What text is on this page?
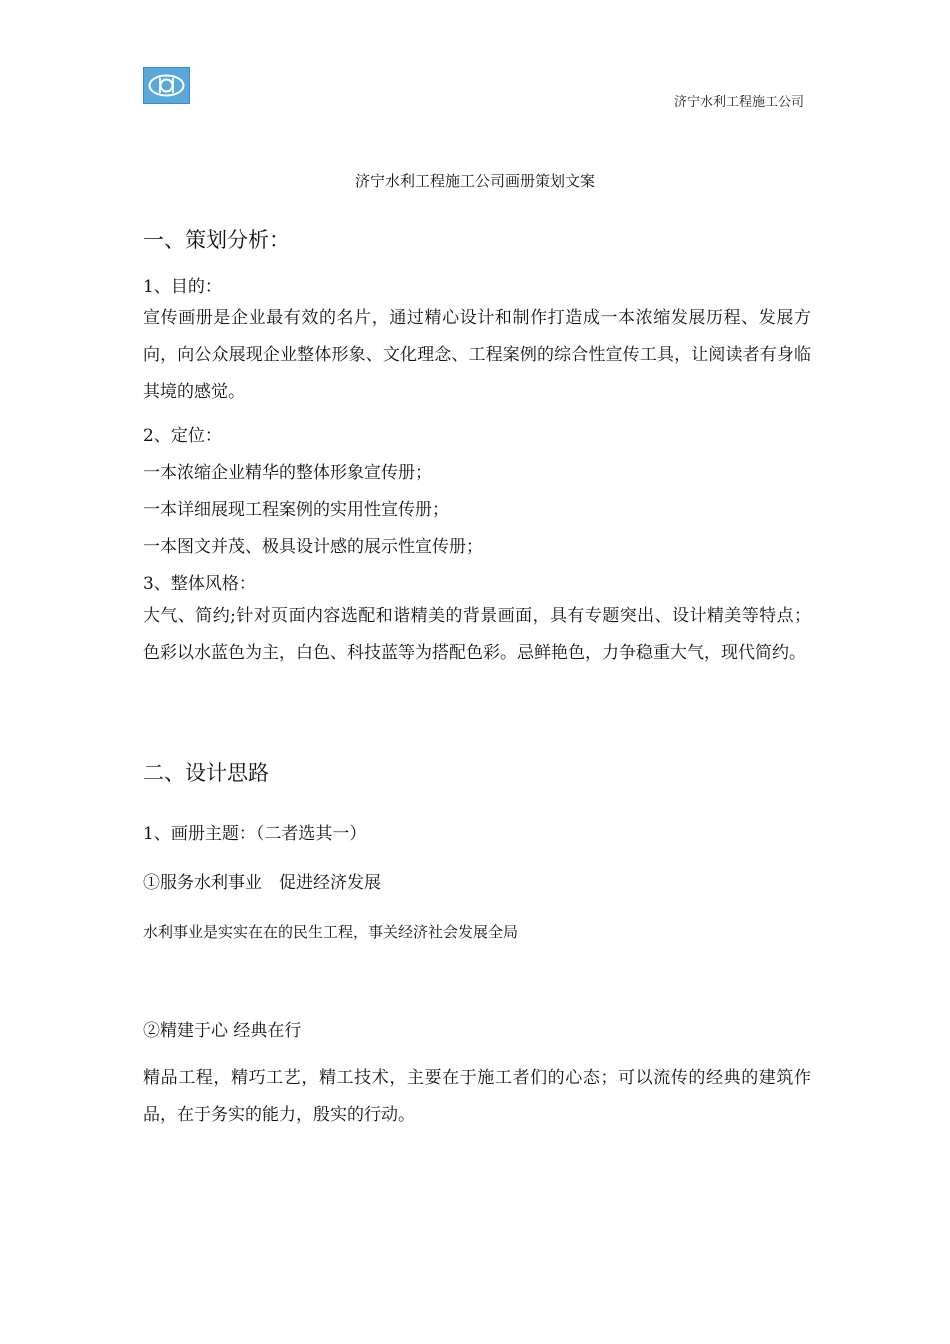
济宁水利工程施工公司
济宁水利工程施工公司画册策划文案
一、策划分析：
1、目的：
宣传画册是企业最有效的名片，通过精心设计和制作打造成一本浓缩发展历程、发展方向，向公众展现企业整体形象、文化理念、工程案例的综合性宣传工具，让阅读者有身临其境的感觉。
2、定位：
一本浓缩企业精华的整体形象宣传册；
一本详细展现工程案例的实用性宣传册；
一本图文并茂、极具设计感的展示性宣传册；
3、整体风格：
大气、简约;针对页面内容选配和谐精美的背景画面，具有专题突出、设计精美等特点；色彩以水蓝色为主，白色、科技蓝等为搭配色彩。忌鲜艳色，力争稳重大气，现代简约。
二、设计思路
1、画册主题：（二者选其一）
①服务水利事业　促进经济发展
水利事业是实实在在的民生工程，事关经济社会发展全局
②精建于心 经典在行
精品工程，精巧工艺，精工技术，主要在于施工者们的心态；可以流传的经典的建筑作品，在于务实的能力，殷实的行动。
